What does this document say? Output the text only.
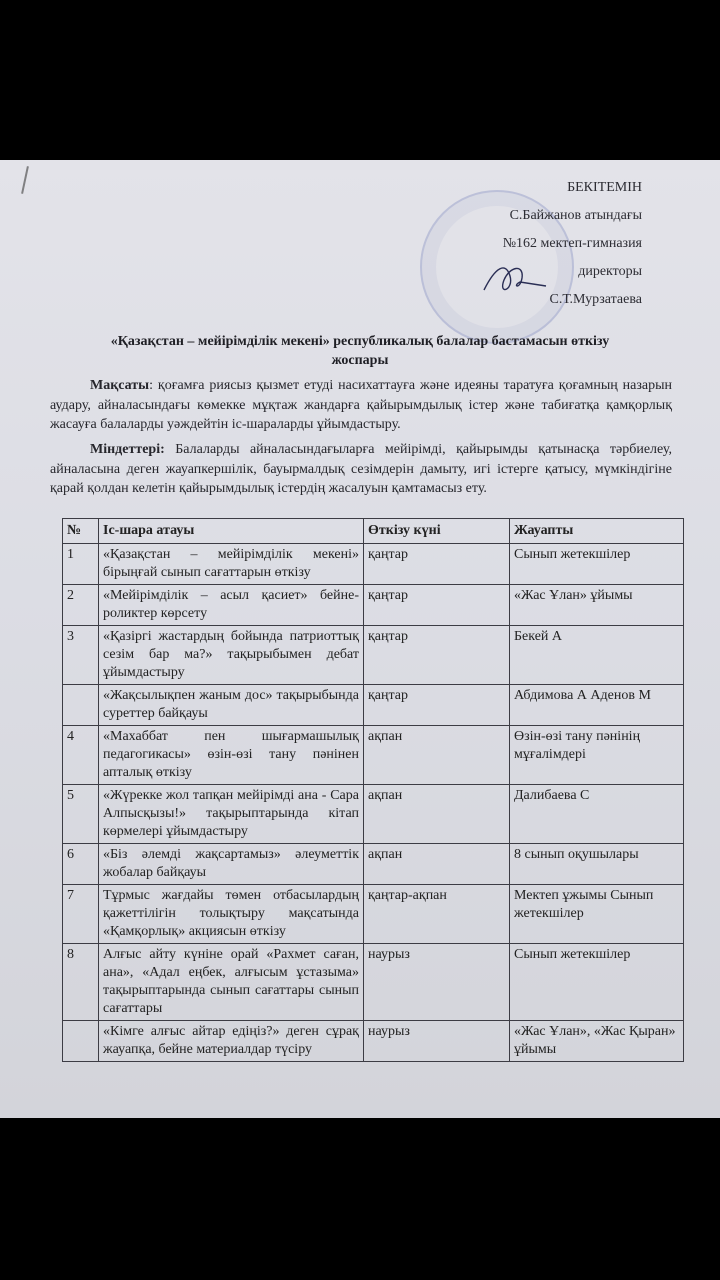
БЕКІТЕМІН
С.Байжанов атындағы
№162 мектеп-гимназия
директоры
С.Т.Мурзатаева
«Қазақстан – мейірімділік мекені» республикалық балалар бастамасын өткізу
жоспары
Мақсаты: қоғамға риясыз қызмет етуді насихаттауға және идеяны таратуға қоғамның назарын аудару, айналасындағы көмекке мұқтаж жандарға қайырымдылық істер және табиғатқа қамқорлық жасауға балаларды уәждейтін іс-шараларды ұйымдастыру.
Міндеттері: Балаларды айналасындағыларға мейірімді, қайырымды қатынасқа тәрбиелеу, айналасына деген жауапкершілік, бауырмалдық сезімдерін дамыту, игі істерге қатысу, мүмкіндігіне қарай қолдан келетін қайырымдылық істердің жасалуын қамтамасыз ету.
№	Іс-шара атауы	Өткізу күні	Жауапты
1	«Қазақстан – мейірімділік мекені» бірыңғай сынып сағаттарын өткізу	қаңтар	Сынып жетекшілер
2	«Мейірімділік – асыл қасиет» бейне-роликтер көрсету	қаңтар	«Жас Ұлан» ұйымы
3	«Қазіргі жастардың бойында патриоттық сезім бар ма?» тақырыбымен дебат ұйымдастыру	қаңтар	Бекей А
	«Жақсылықпен жаным дос» тақырыбында суреттер байқауы	қаңтар	Абдимова А Аденов М
4	«Махаббат пен шығармашылық педагогикасы» өзін-өзі тану пәнінен апталық өткізу	ақпан	Өзін-өзі тану пәнінің мұғалімдері
5	«Жүрекке жол тапқан мейірімді ана - Сара Алпысқызы!» тақырыптарында кітап көрмелері ұйымдастыру	ақпан	Далибаева С
6	«Біз әлемді жақсартамыз» әлеуметтік жобалар байқауы	ақпан	8 сынып оқушылары
7	Тұрмыс жағдайы төмен отбасылардың қажеттілігін толықтыру мақсатында «Қамқорлық» акциясын өткізу	қаңтар-ақпан	Мектеп ұжымы Сынып жетекшілер
8	Алғыс айту күніне орай «Рахмет саған, ана», «Адал еңбек, алғысым ұстазыма» тақырыптарында сынып сағаттары сынып сағаттары	наурыз	Сынып жетекшілер
	«Кімге алғыс айтар едіңіз?» деген сұрақ жауапқа, бейне материалдар түсіру	наурыз	«Жас Ұлан», «Жас Қыран» ұйымы
